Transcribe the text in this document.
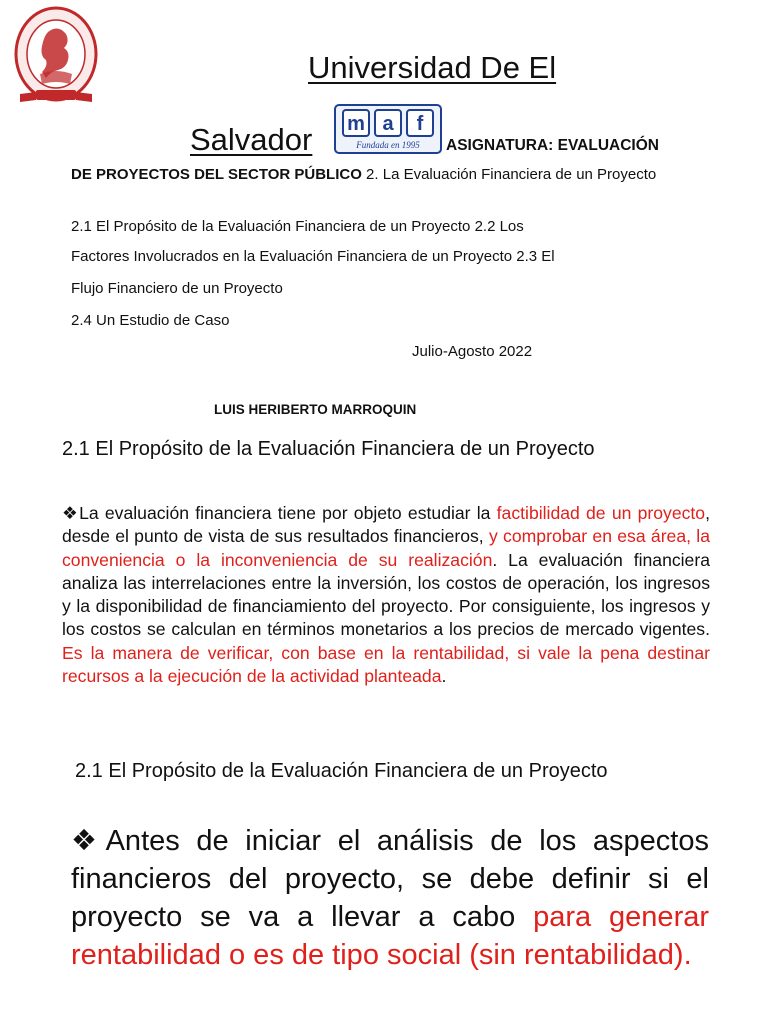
Universidad De El
Salvador m a f
Fundada en 1995 ASIGNATURA: EVALUACIÓN
DE PROYECTOS DEL SECTOR PÚBLICO 2. La Evaluación Financiera de un Proyecto
2.1 El Propósito de la Evaluación Financiera de un Proyecto 2.2 Los
Factores Involucrados en la Evaluación Financiera de un Proyecto 2.3 El
Flujo Financiero de un Proyecto
2.4 Un Estudio de Caso
Julio-Agosto 2022
LUIS HERIBERTO MARROQUIN
2.1 El Propósito de la Evaluación Financiera de un Proyecto
❖La evaluación financiera tiene por objeto estudiar la factibilidad de un proyecto, desde el punto de vista de sus resultados financieros, y comprobar en esa área, la conveniencia o la inconveniencia de su realización. La evaluación financiera analiza las interrelaciones entre la inversión, los costos de operación, los ingresos y la disponibilidad de financiamiento del proyecto. Por consiguiente, los ingresos y los costos se calculan en términos monetarios a los precios de mercado vigentes. Es la manera de verificar, con base en la rentabilidad, si vale la pena destinar recursos a la ejecución de la actividad planteada.
2.1 El Propósito de la Evaluación Financiera de un Proyecto
❖Antes de iniciar el análisis de los aspectos financieros del proyecto, se debe definir si el proyecto se va a llevar a cabo para generar rentabilidad o es de tipo social (sin rentabilidad).
